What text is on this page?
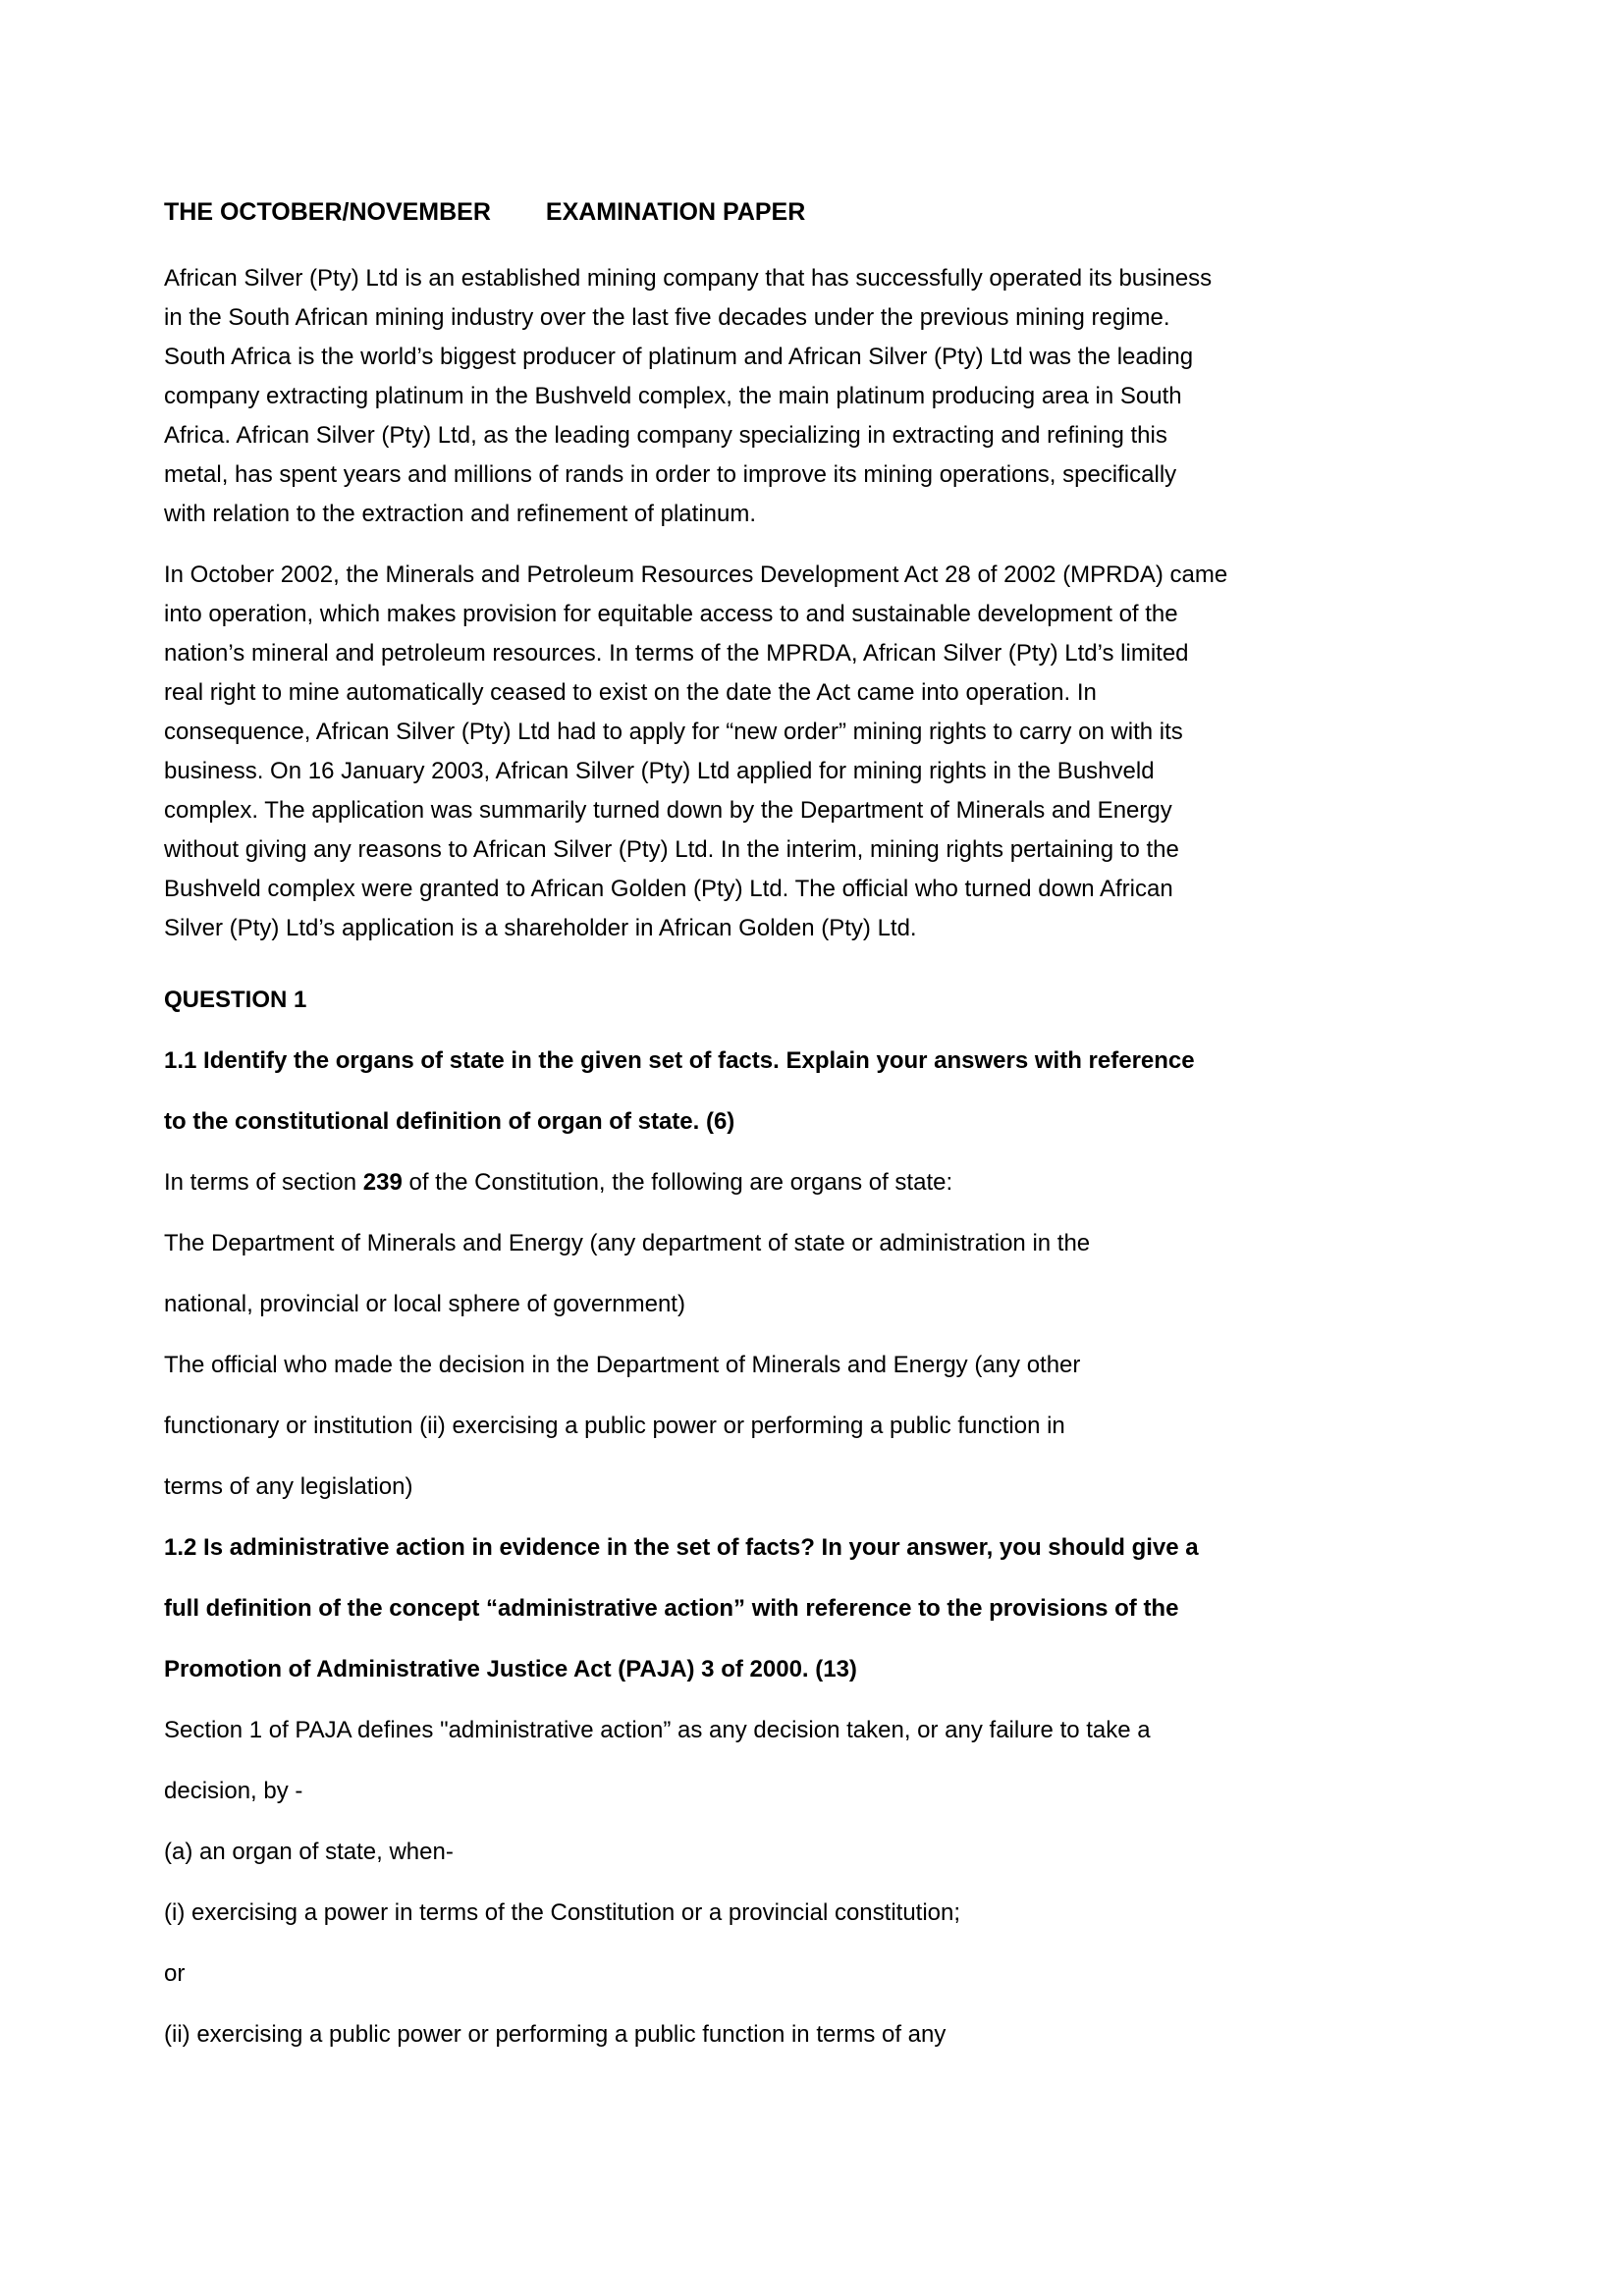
THE OCTOBER/NOVEMBER EXAMINATION PAPER
African Silver (Pty) Ltd is an established mining company that has successfully operated its business
in the South African mining industry over the last five decades under the previous mining regime.
South Africa is the world’s biggest producer of platinum and African Silver (Pty) Ltd was the leading
company extracting platinum in the Bushveld complex, the main platinum producing area in South
Africa. African Silver (Pty) Ltd, as the leading company specializing in extracting and refining this
metal, has spent years and millions of rands in order to improve its mining operations, specifically
with relation to the extraction and refinement of platinum.
In October 2002, the Minerals and Petroleum Resources Development Act 28 of 2002 (MPRDA) came
into operation, which makes provision for equitable access to and sustainable development of the
nation’s mineral and petroleum resources. In terms of the MPRDA, African Silver (Pty) Ltd’s limited
real right to mine automatically ceased to exist on the date the Act came into operation. In
consequence, African Silver (Pty) Ltd had to apply for “new order” mining rights to carry on with its
business. On 16 January 2003, African Silver (Pty) Ltd applied for mining rights in the Bushveld
complex. The application was summarily turned down by the Department of Minerals and Energy
without giving any reasons to African Silver (Pty) Ltd. In the interim, mining rights pertaining to the
Bushveld complex were granted to African Golden (Pty) Ltd. The official who turned down African
Silver (Pty) Ltd’s application is a shareholder in African Golden (Pty) Ltd.
QUESTION 1
1.1 Identify the organs of state in the given set of facts. Explain your answers with reference
to the constitutional definition of organ of state. (6)
In terms of section 239 of the Constitution, the following are organs of state:
The Department of Minerals and Energy (any department of state or administration in the
national, provincial or local sphere of government)
The official who made the decision in the Department of Minerals and Energy (any other
functionary or institution (ii) exercising a public power or performing a public function in
terms of any legislation)
1.2 Is administrative action in evidence in the set of facts? In your answer, you should give a
full definition of the concept “administrative action” with reference to the provisions of the
Promotion of Administrative Justice Act (PAJA) 3 of 2000. (13)
Section 1 of PAJA defines "administrative action” as any decision taken, or any failure to take a
decision, by -
(a) an organ of state, when-
(i) exercising a power in terms of the Constitution or a provincial constitution;
or
(ii) exercising a public power or performing a public function in terms of any
